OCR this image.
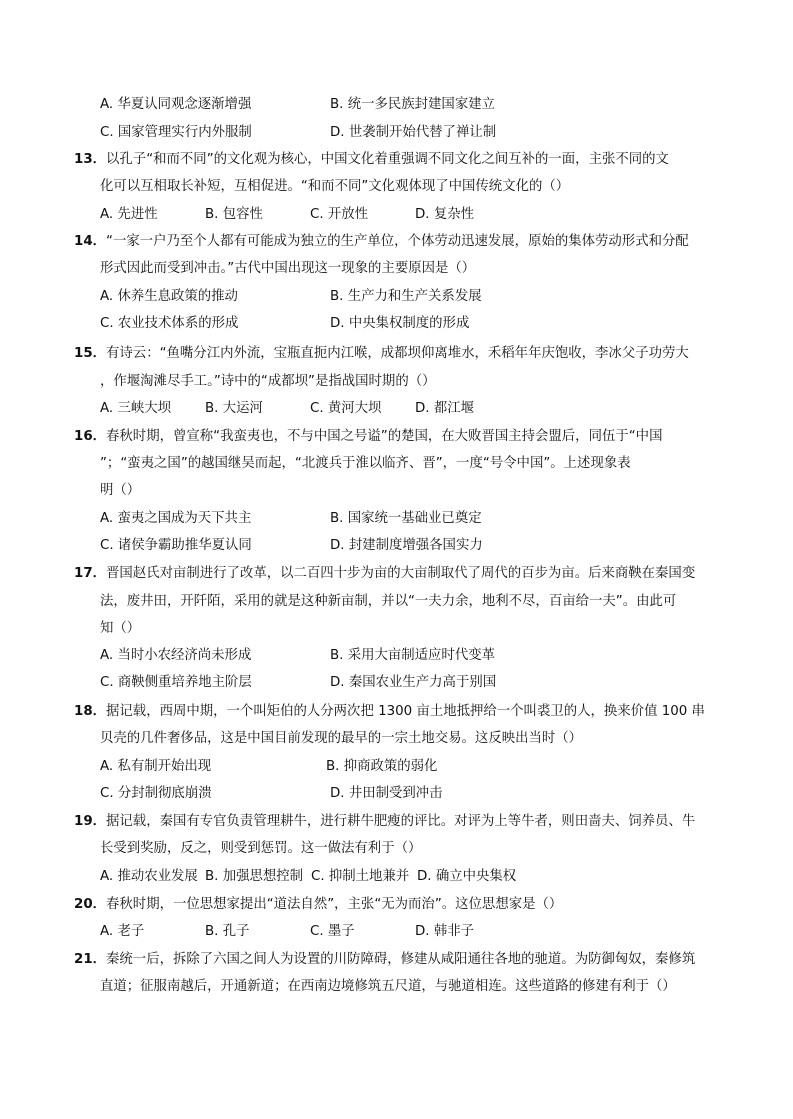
A. 华夏认同观念逐渐增强	B. 统一多民族封建国家建立
C. 国家管理实行内外服制	D. 世袭制开始代替了禅让制
13．以孔子“和而不同”的文化观为核心，中国文化着重强调不同文化之间互补的一面，主张不同的文
化可以互相取长补短，互相促进。“和而不同”文化观体现了中国传统文化的（）
A. 先进性	B. 包容性	C. 开放性	D. 复杂性
14．“一家一户乃至个人都有可能成为独立的生产单位，个体劳动迅速发展，原始的集体劳动形式和分配
形式因此而受到冲击。”古代中国出现这一现象的主要原因是（）
A. 休养生息政策的推动	B. 生产力和生产关系发展
C. 农业技术体系的形成	D. 中央集权制度的形成
15．有诗云：“鱼嘴分江内外流，宝瓶直扼内江喉，成都坝仰离堆水，禾稻年年庆饱收，李冰父子功劳大
，作堰淘滩尽手工。”诗中的“成都坝”是指战国时期的（）
A. 三峡大坝	B. 大运河	C. 黄河大坝	D. 都江堰
16．春秋时期，曾宣称“我蛮夷也，不与中国之号谥”的楚国，在大败晋国主持会盟后，同伍于“中国
”；“蛮夷之国”的越国继吴而起，“北渡兵于淮以临齐、晋”，一度“号令中国”。上述现象表
明（）
A. 蛮夷之国成为天下共主	B. 国家统一基础业已奠定
C. 诸侯争霸助推华夏认同	D. 封建制度增强各国实力
17．晋国赵氏对亩制进行了改革，以二百四十步为亩的大亩制取代了周代的百步为亩。后来商鞅在秦国变
法，废井田，开阡陌，采用的就是这种新亩制，并以“一夫力余，地利不尽，百亩给一夫”。由此可
知（）
A. 当时小农经济尚未形成	B. 采用大亩制适应时代变革
C. 商鞅侧重培养地主阶层	D. 秦国农业生产力高于别国
18．据记载，西周中期，一个叫矩伯的人分两次把 1300 亩土地抵押给一个叫裘卫的人，换来价值 100 串
贝壳的几件奢侈品，这是中国目前发现的最早的一宗土地交易。这反映出当时（）
A. 私有制开始出现	B. 抑商政策的弱化
C. 分封制彻底崩溃	D. 井田制受到冲击
19．据记载，秦国有专官负责管理耕牛，进行耕牛肥瘦的评比。对评为上等牛者，则田啬夫、饲养员、牛
长受到奖励，反之，则受到惩罚。这一做法有利于（）
A. 推动农业发展 B. 加强思想控制 C. 抑制土地兼并 D. 确立中央集权
20．春秋时期，一位思想家提出“道法自然”，主张“无为而治”。这位思想家是（）
A. 老子	B. 孔子	C. 墨子	D. 韩非子
21．秦统一后，拆除了六国之间人为设置的川防障碍，修建从咸阳通往各地的驰道。为防御匈奴，秦修筑
直道；征服南越后，开通新道；在西南边境修筑五尺道，与驰道相连。这些道路的修建有利于（）
